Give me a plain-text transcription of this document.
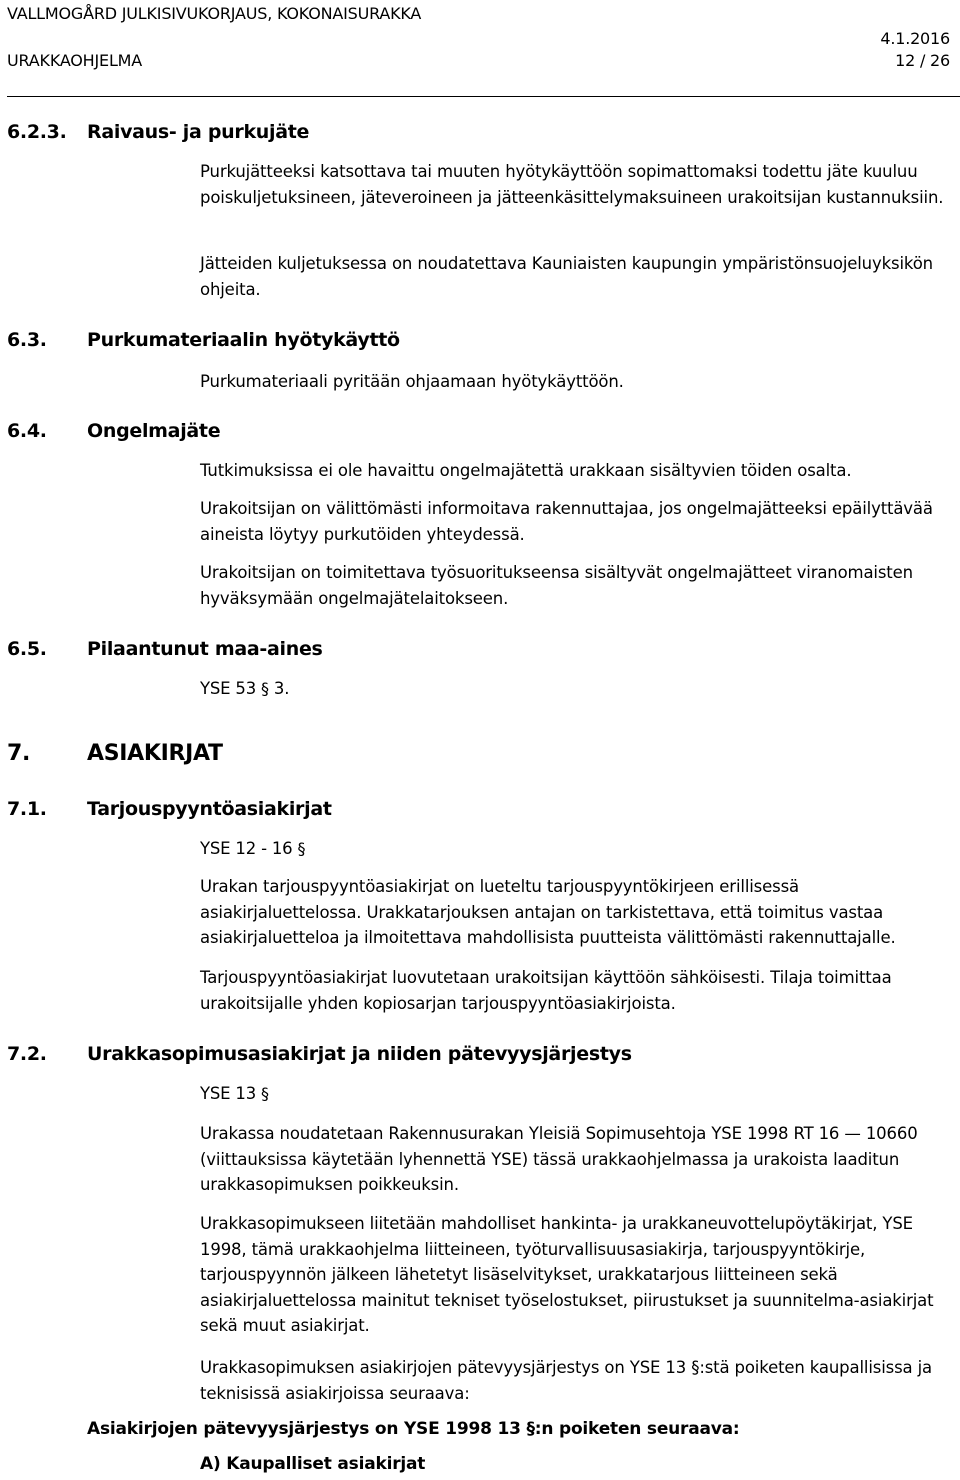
VALLMOGÅRD JULKISIVUKORJAUS, KOKONAISURAKKA
URAKKAOHJELMA
4.1.2016
12 / 26
6.2.3. Raivaus- ja purkujäte
Purkujätteeksi katsottava tai muuten hyötykäyttöön sopimattomaksi todettu jäte kuuluu poiskuljetuksineen, jäteveroineen ja jätteenkäsittelymaksuineen urakoitsijan kustannuksiin.
Jätteiden kuljetuksessa on noudatettava Kauniaisten kaupungin ympäristönsuojeluyksikön ohjeita.
6.3. Purkumateriaalin hyötykäyttö
Purkumateriaali pyritään ohjaamaan hyötykäyttöön.
6.4. Ongelmajäte
Tutkimuksissa ei ole havaittu ongelmajätettä urakkaan sisältyvien töiden osalta.
Urakoitsijan on välittömästi informoitava rakennuttajaa, jos ongelmajätteeksi epäilyttävää aineista löytyy purkutöiden yhteydessä.
Urakoitsijan on toimitettava työsuoritukseensa sisältyvät ongelmajätteet viranomaisten hyväksymään ongelmajätelaitokseen.
6.5. Pilaantunut maa-aines
YSE 53 § 3.
7.	ASIAKIRJAT
7.1. Tarjouspyyntöasiakirjat
YSE 12 - 16 §
Urakan tarjouspyyntöasiakirjat on lueteltu tarjouspyyntökirjeen erillisessä asiakirjaluettelossa. Urakkatarjouksen antajan on tarkistettava, että toimitus vastaa asiakirjaluetteloa ja ilmoitettava mahdollisista puutteista välittömästi rakennuttajalle.
Tarjouspyyntöasiakirjat luovutetaan urakoitsijan käyttöön sähköisesti. Tilaja toimittaa urakoitsijalle yhden kopiosarjan tarjouspyyntöasiakirjoista.
7.2. Urakkasopimusasiakirjat ja niiden pätevyysjärjestys
YSE 13 §
Urakassa noudatetaan Rakennusurakan Yleisiä Sopimusehtoja YSE 1998 RT 16 — 10660 (viittauksissa käytetään lyhennettä YSE) tässä urakkaohjelmassa ja urakoista laaditun urakkasopimuksen poikkeuksin.
Urakkasopimukseen liitetään mahdolliset hankinta- ja urakkaneuvottelupöytäkirjat, YSE 1998, tämä urakkaohjelma liitteineen, työturvallisuusasiakirja, tarjouspyyntökirje, tarjouspyynnön jälkeen lähetetyt lisäselvitykset, urakkatarjous liitteineen sekä asiakirjaluettelossa mainitut tekniset työselostukset, piirustukset ja suunnitelma-asiakirjat sekä muut asiakirjat.
Urakkasopimuksen asiakirjojen pätevyysjärjestys on YSE 13 §:stä poiketen kaupallisissa ja teknisissä asiakirjoissa seuraava:
Asiakirjojen pätevyysjärjestys on YSE 1998 13 §:n poiketen seuraava:
A) Kaupalliset asiakirjat
